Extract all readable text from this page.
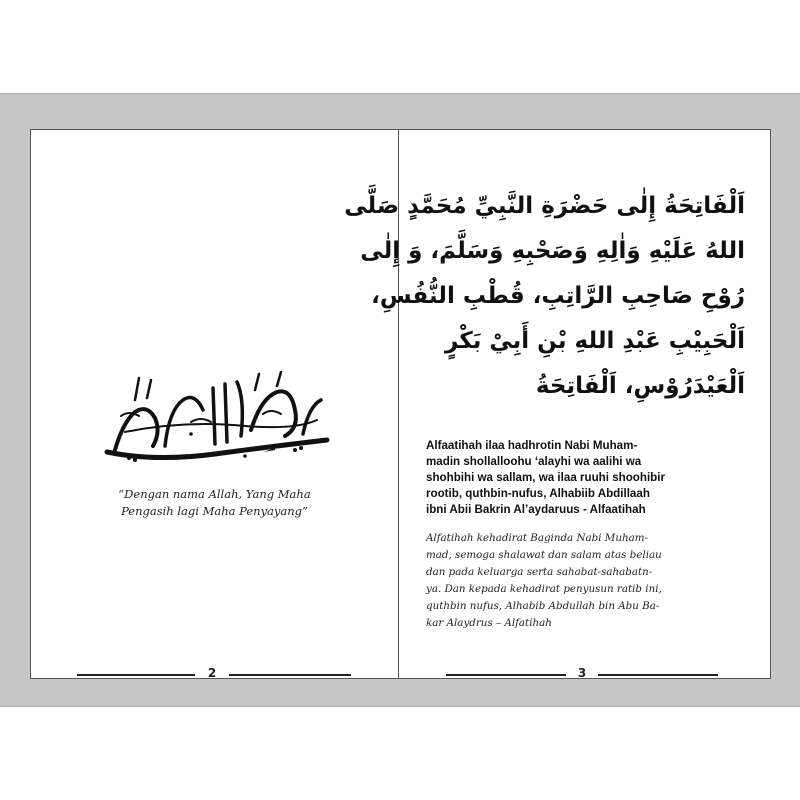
“Dengan nama Allah, Yang Maha
Pengasih lagi Maha Penyayang”
2
اَلْفَاتِحَةُ إِلٰى حَضْرَةِ النَّبِيِّ مُحَمَّدٍ صَلَّى
اللهُ عَلَيْهِ وَاٰلِهِ وَصَحْبِهِ وَسَلَّمَ، وَ إِلٰى
رُوْحِ صَاحِبِ الرَّاتِبِ، قُطْبِ النُّفُسِ،
اَلْحَبِيْبِ عَبْدِ اللهِ بْنِ أَبِيْ بَكْرٍ
اَلْعَيْدَرُوْسِ، اَلْفَاتِحَةُ
Alfaatihah ilaa hadhrotin Nabi Muham-
madin shollalloohu ‘alayhi wa aalihi wa
shohbihi wa sallam, wa ilaa ruuhi shoohibir
rootib, quthbin-nufus, Alhabiib Abdillaah
ibni Abii Bakrin Al’aydaruus - Alfaatihah
Alfatihah kehadirat Baginda Nabi Muham-
mad, semoga shalawat dan salam atas beliau
dan pada keluarga serta sahabat-sahabatn-
ya. Dan kepada kehadirat penyusun ratib ini,
quthbin nufus, Alhabib Abdullah bin Abu Ba-
kar Alaydrus – Alfatihah
3
